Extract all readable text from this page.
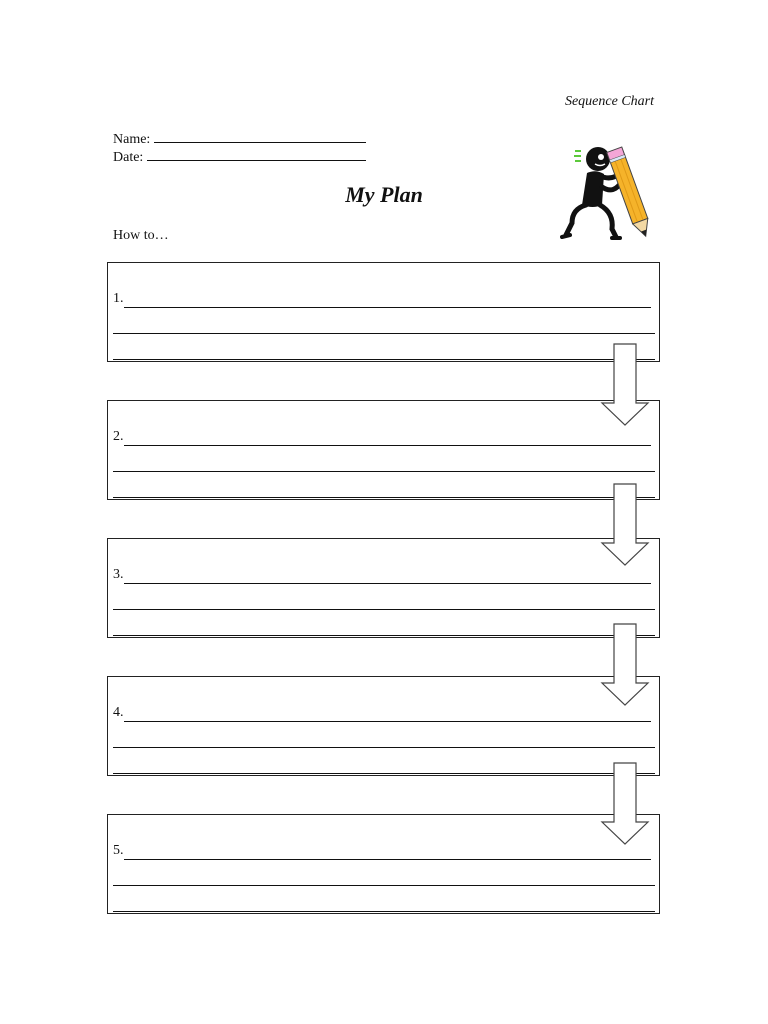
Sequence Chart
Name:
Date:
My Plan
How to…
1.
2.
3.
4.
5.
